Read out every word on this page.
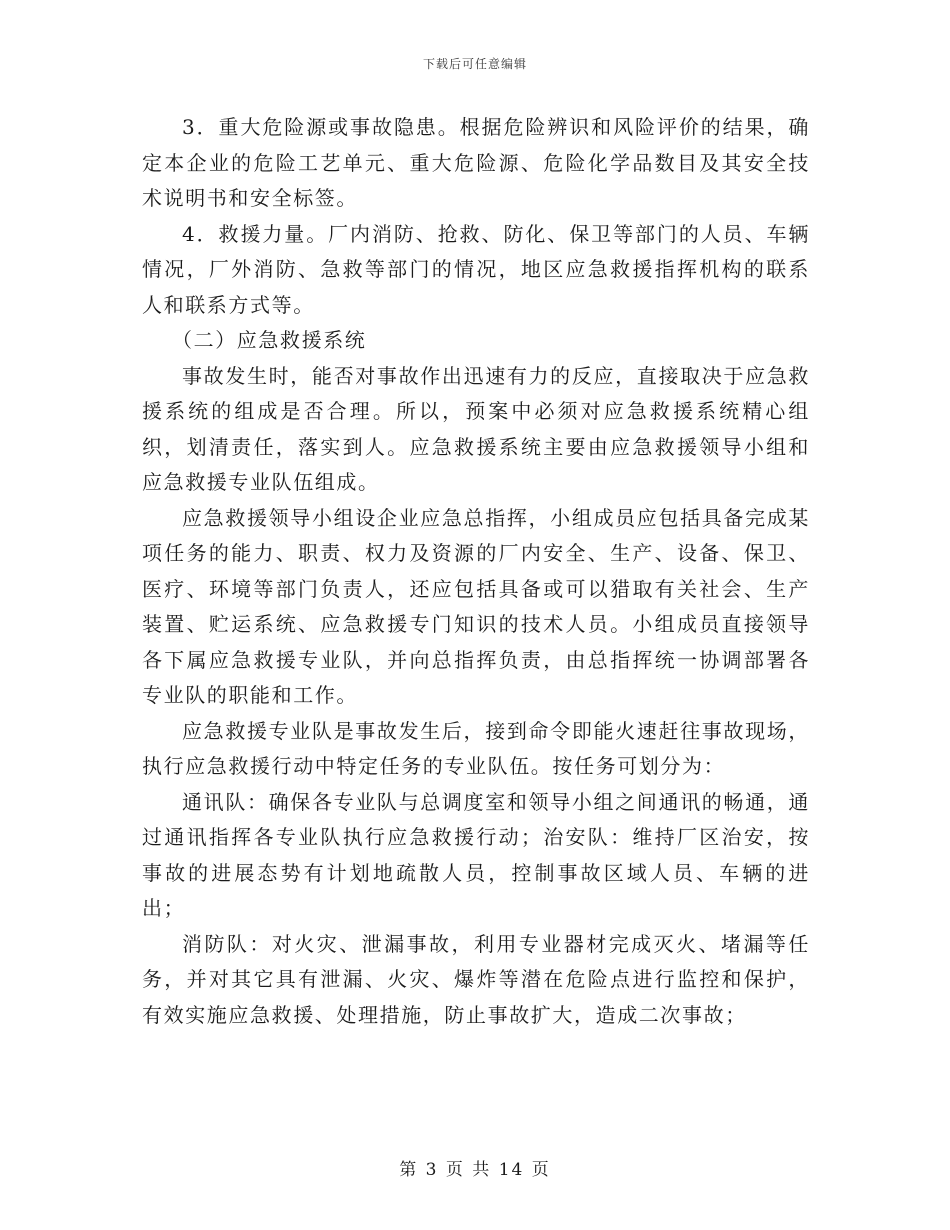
下载后可任意编辑

3．重大危险源或事故隐患。根据危险辨识和风险评价的结果，确定本企业的危险工艺单元、重大危险源、危险化学品数目及其安全技术说明书和安全标签。

4．救援力量。厂内消防、抢救、防化、保卫等部门的人员、车辆情况，厂外消防、急救等部门的情况，地区应急救援指挥机构的联系人和联系方式等。

（二）应急救援系统

事故发生时，能否对事故作出迅速有力的反应，直接取决于应急救援系统的组成是否合理。所以，预案中必须对应急救援系统精心组织，划清责任，落实到人。应急救援系统主要由应急救援领导小组和应急救援专业队伍组成。

应急救援领导小组设企业应急总指挥，小组成员应包括具备完成某项任务的能力、职责、权力及资源的厂内安全、生产、设备、保卫、医疗、环境等部门负责人，还应包括具备或可以猎取有关社会、生产装置、贮运系统、应急救援专门知识的技术人员。小组成员直接领导各下属应急救援专业队，并向总指挥负责，由总指挥统一协调部署各专业队的职能和工作。

应急救援专业队是事故发生后，接到命令即能火速赶往事故现场，执行应急救援行动中特定任务的专业队伍。按任务可划分为：

通讯队：确保各专业队与总调度室和领导小组之间通讯的畅通，通过通讯指挥各专业队执行应急救援行动；治安队：维持厂区治安，按事故的进展态势有计划地疏散人员，控制事故区域人员、车辆的进出；

消防队：对火灾、泄漏事故，利用专业器材完成灭火、堵漏等任务，并对其它具有泄漏、火灾、爆炸等潜在危险点进行监控和保护，有效实施应急救援、处理措施，防止事故扩大，造成二次事故；

第 3 页 共 14 页
